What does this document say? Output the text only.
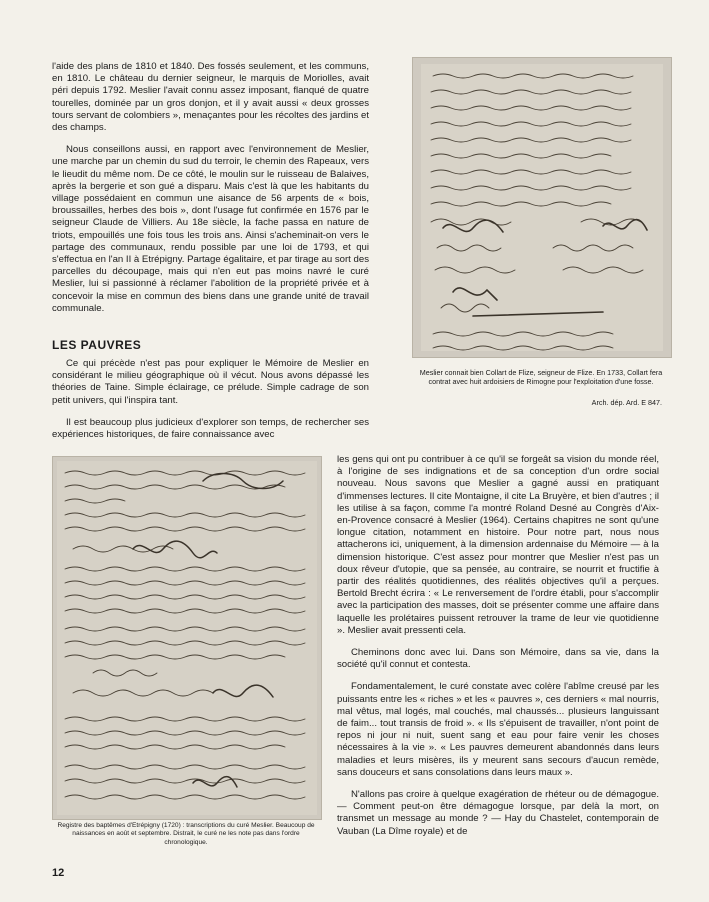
l'aide des plans de 1810 et 1840. Des fossés seulement, et les communs, en 1810. Le château du dernier seigneur, le marquis de Moriolles, avait péri depuis 1792. Meslier l'avait connu assez imposant, flanqué de quatre tourelles, dominée par un gros donjon, et il y avait aussi « deux grosses tours servant de colombiers », menaçantes pour les récoltes des jardins et des champs.

Nous conseillons aussi, en rapport avec l'environnement de Meslier, une marche par un chemin du sud du terroir, le chemin des Rapeaux, vers le lieudit du même nom. De ce côté, le moulin sur le ruisseau de Balaives, après la bergerie et son gué a disparu. Mais c'est là que les habitants du village possédaient en commun une aisance de 56 arpents de « bois, broussailles, herbes des bois », dont l'usage fut confirmée en 1576 par le seigneur Claude de Villiers. Au 18e siècle, la fache passa en nature de triots, empouillés une fois tous les trois ans. Ainsi s'acheminait-on vers le partage des communaux, rendu possible par une loi de 1793, et qui s'effectua en l'an II à Etrépigny. Partage égalitaire, et par tirage au sort des parcelles du découpage, mais qui n'en eut pas moins navré le curé Meslier, lui si passionné à réclamer l'abolition de la propriété privée et à concevoir la mise en commun des biens dans une grande unité de travail communale.

LES PAUVRES

Ce qui précède n'est pas pour expliquer le Mémoire de Meslier en considérant le milieu géographique où il vécut. Nous avons dépassé les théories de Taine. Simple éclairage, ce prélude. Simple cadrage de son petit univers, qui l'inspira tant.

Il est beaucoup plus judicieux d'explorer son temps, de rechercher ses expériences historiques, de faire connaissance avec

Meslier connait bien Collart de Flize, seigneur de Flize. En 1733, Collart fera contrat avec huit ardoisiers de Rimogne pour l'exploitation d'une fosse.

Arch. dép. Ard. E 847.

Registre des baptêmes d'Etrépigny (1720) : transcriptions du curé Meslier. Beaucoup de naissances en août et septembre. Distrait, le curé ne les note pas dans l'ordre chronologique.

les gens qui ont pu contribuer à ce qu'il se forgeât sa vision du monde réel, à l'origine de ses indignations et de sa conception d'un ordre social nouveau. Nous savons que Meslier a gagné aussi en pratiquant d'immenses lectures. Il cite Montaigne, il cite La Bruyère, et bien d'autres ; il les utilise à sa façon, comme l'a montré Roland Desné au Congrès d'Aix-en-Provence consacré à Meslier (1964). Certains chapitres ne sont qu'une longue citation, notamment en histoire. Pour notre part, nous nous attacherons ici, uniquement, à la dimension ardennaise du Mémoire — à la dimension historique. C'est assez pour montrer que Meslier n'est pas un doux rêveur d'utopie, que sa pensée, au contraire, se nourrit et fructifie à partir des réalités quotidiennes, des réalités objectives qu'il a perçues. Bertold Brecht écrira : « Le renversement de l'ordre établi, pour s'accomplir avec la participation des masses, doit se présenter comme une affaire dans laquelle les prolétaires puissent retrouver la trame de leur vie quotidienne ». Meslier avait pressenti cela.

Cheminons donc avec lui. Dans son Mémoire, dans sa vie, dans la société qu'il connut et contesta.

Fondamentalement, le curé constate avec colère l'abîme creusé par les puissants entre les « riches » et les « pauvres », ces derniers « mal nourris, mal vêtus, mal logés, mal couchés, mal chaussés... plusieurs languissant de faim... tout transis de froid ». « Ils s'épuisent de travailler, n'ont point de repos ni jour ni nuit, suent sang et eau pour faire venir les choses nécessaires à la vie ». « Les pauvres demeurent abandonnés dans leurs maladies et leurs misères, ils y meurent sans secours d'aucun remède, sans douceurs et sans consolations dans leurs maux ».

N'allons pas croire à quelque exagération de rhéteur ou de démagogue. — Comment peut-on être démagogue lorsque, par delà la mort, on transmet un message au monde ? — Hay du Chastelet, contemporain de Vauban (La Dîme royale) et de

12
